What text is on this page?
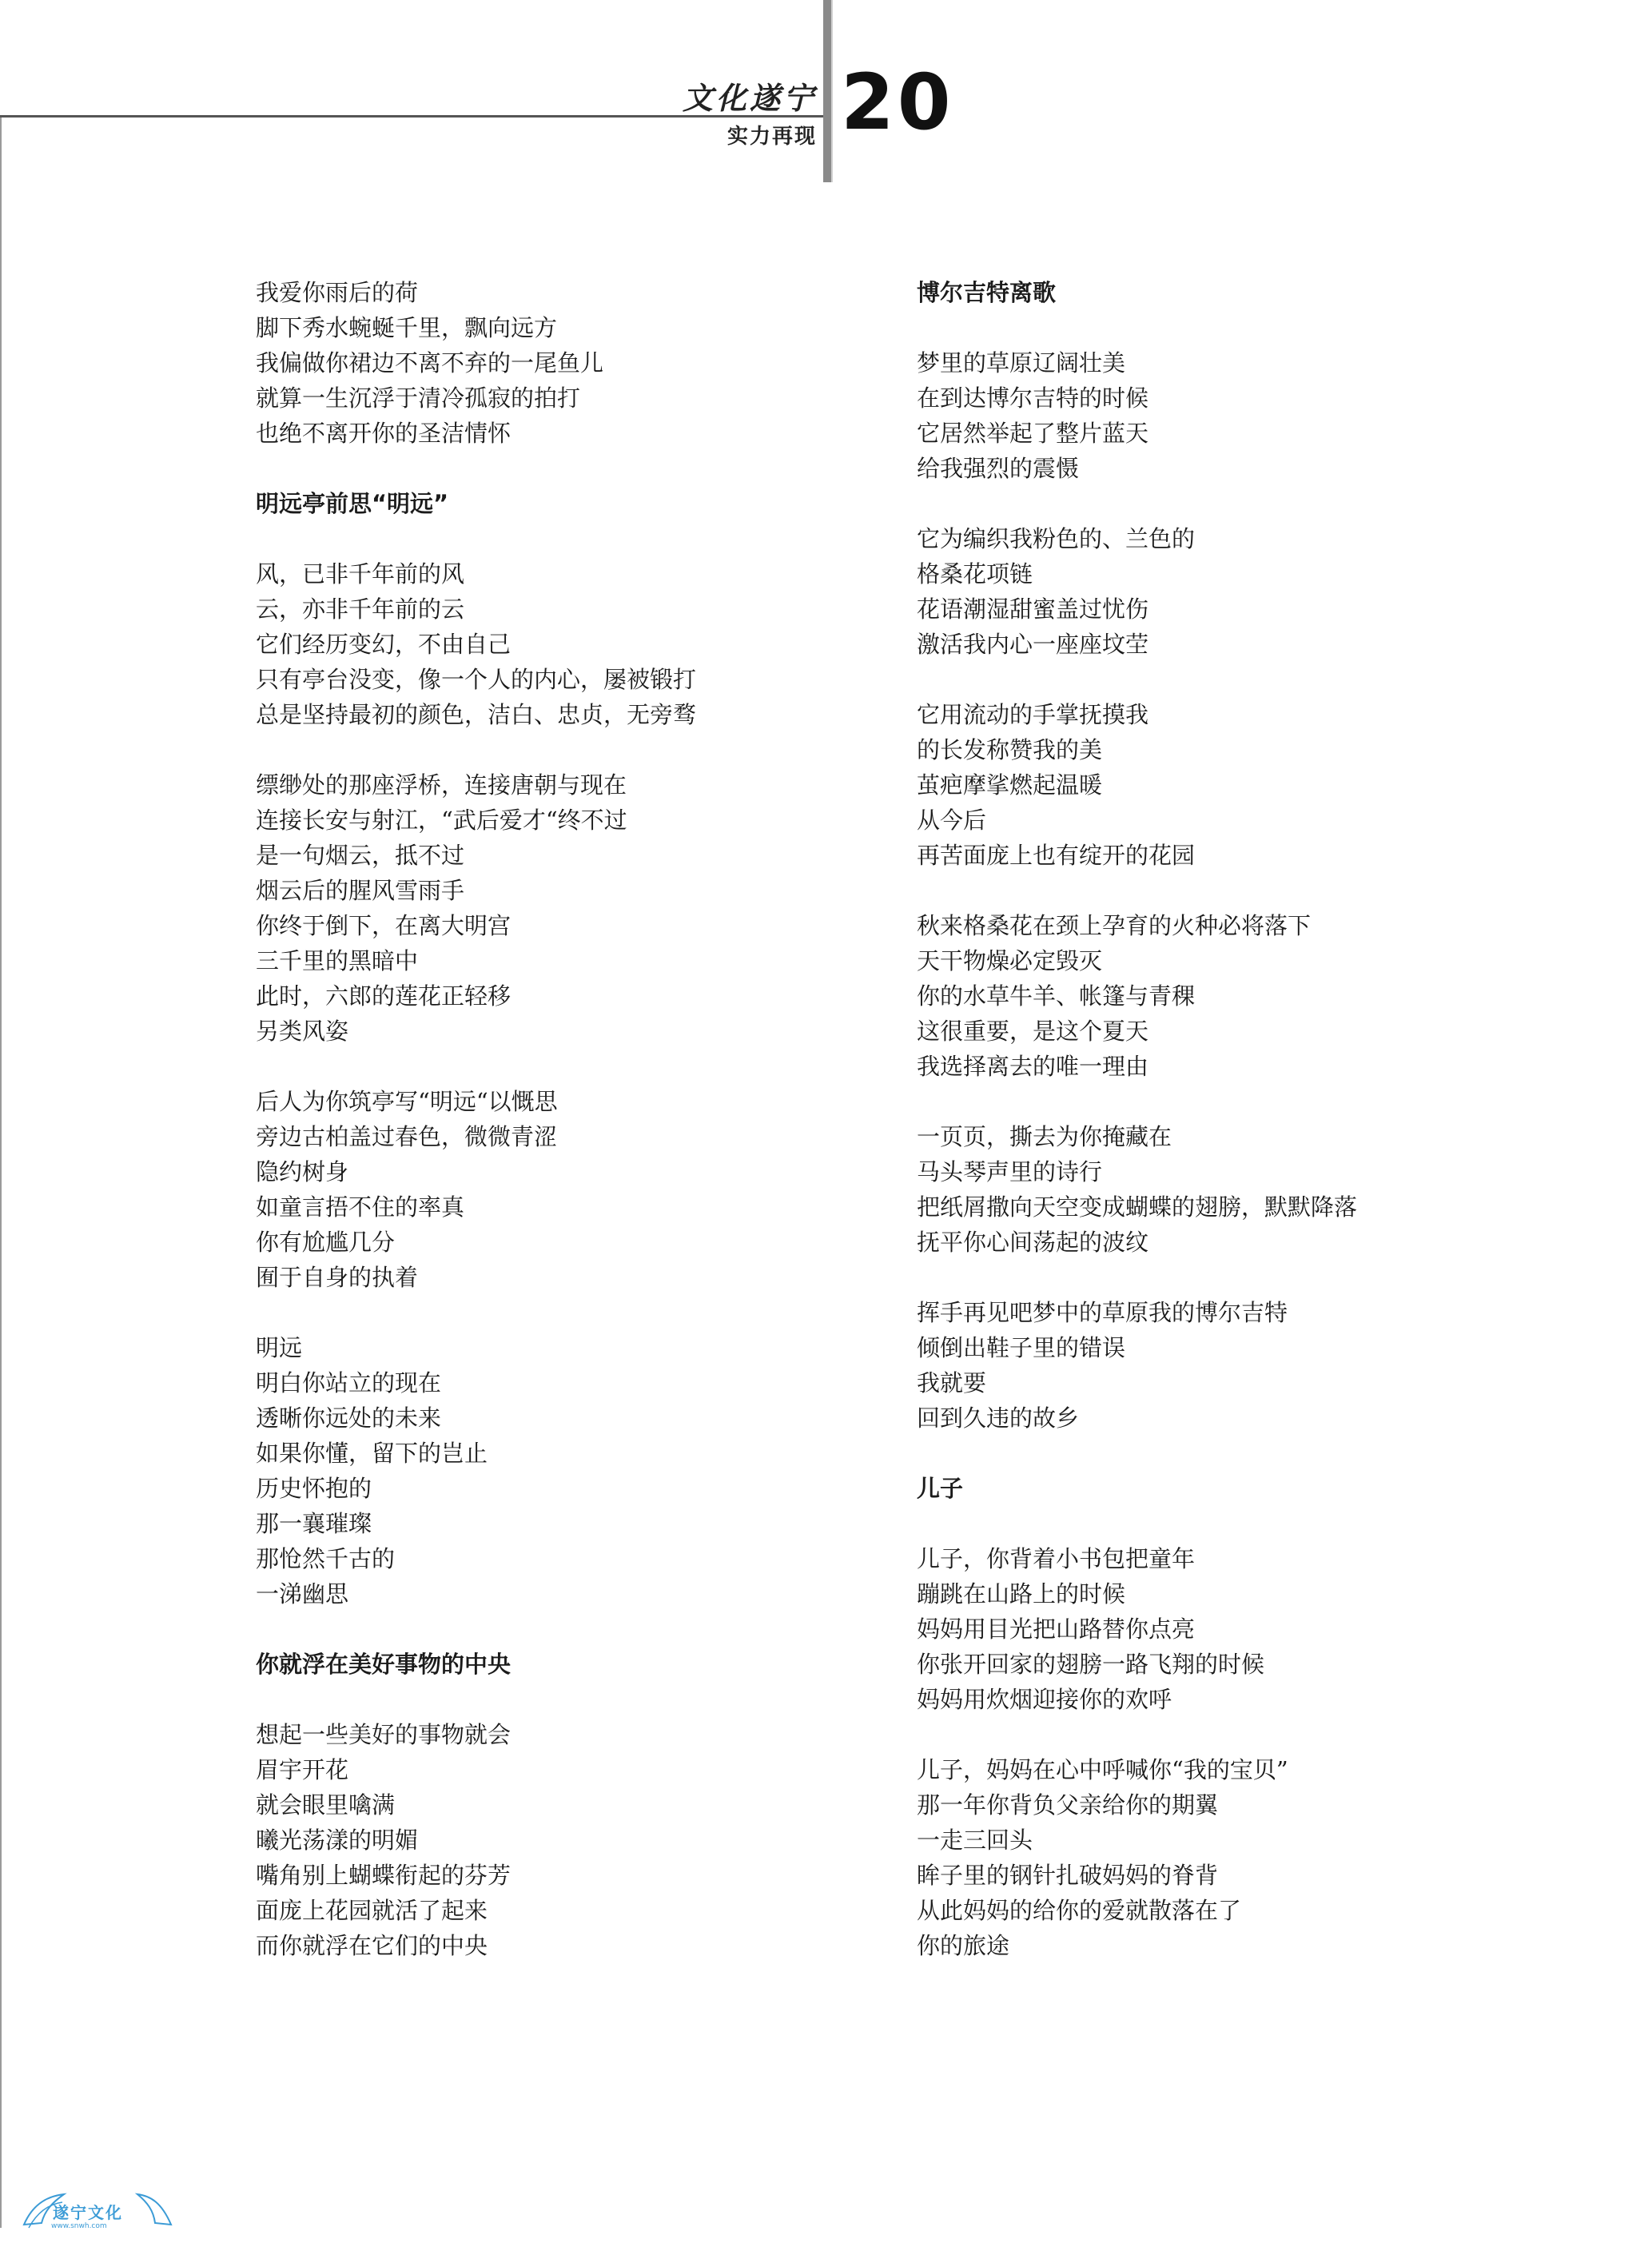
文化遂宁
实力再现 20
我爱你雨后的荷
脚下秀水蜿蜒千里，飘向远方
我偏做你裙边不离不弃的一尾鱼儿
就算一生沉浮于清冷孤寂的拍打
也绝不离开你的圣洁情怀
明远亭前思“明远”
风，已非千年前的风
云，亦非千年前的云
它们经历变幻，不由自己
只有亭台没变，像一个人的内心，屡被锻打
总是坚持最初的颜色，洁白、忠贞，无旁骛
缥缈处的那座浮桥，连接唐朝与现在
连接长安与射江，“武后爱才“终不过
是一句烟云，抵不过
烟云后的腥风雪雨手
你终于倒下，在离大明宫
三千里的黑暗中
此时，六郎的莲花正轻移
另类风姿
后人为你筑亭写“明远“以慨思
旁边古柏盖过春色，微微青涩
隐约树身
如童言捂不住的率真
你有尬尴几分
囿于自身的执着
明远
明白你站立的现在
透晰你远处的未来
如果你懂，留下的岂止
历史怀抱的
那一襄璀璨
那怆然千古的
一涕幽思
你就浮在美好事物的中央
想起一些美好的事物就会
眉宇开花
就会眼里噙满
曦光荡漾的明媚
嘴角别上蝴蝶衔起的芬芳
面庞上花园就活了起来
而你就浮在它们的中央
博尔吉特离歌
梦里的草原辽阔壮美
在到达博尔吉特的时候
它居然举起了整片蓝天
给我强烈的震慑
它为编织我粉色的、兰色的
格桑花项链
花语潮湿甜蜜盖过忧伤
激活我内心一座座坟茔
它用流动的手掌抚摸我
的长发称赞我的美
茧疤摩挲燃起温暖
从今后
再苦面庞上也有绽开的花园
秋来格桑花在颈上孕育的火种必将落下
天干物燥必定毁灭
你的水草牛羊、帐篷与青稞
这很重要，是这个夏天
我选择离去的唯一理由
一页页，撕去为你掩藏在
马头琴声里的诗行
把纸屑撒向天空变成蝴蝶的翅膀，默默降落
抚平你心间荡起的波纹
挥手再见吧梦中的草原我的博尔吉特
倾倒出鞋子里的错误
我就要
回到久违的故乡
儿子
儿子，你背着小书包把童年
蹦跳在山路上的时候
妈妈用目光把山路替你点亮
你张开回家的翅膀一路飞翔的时候
妈妈用炊烟迎接你的欢呼
儿子，妈妈在心中呼喊你“我的宝贝”
那一年你背负父亲给你的期翼
一走三回头
眸子里的钢针扎破妈妈的脊背
从此妈妈的给你的爱就散落在了
你的旅途
遂宁文化
www.snwh.com
